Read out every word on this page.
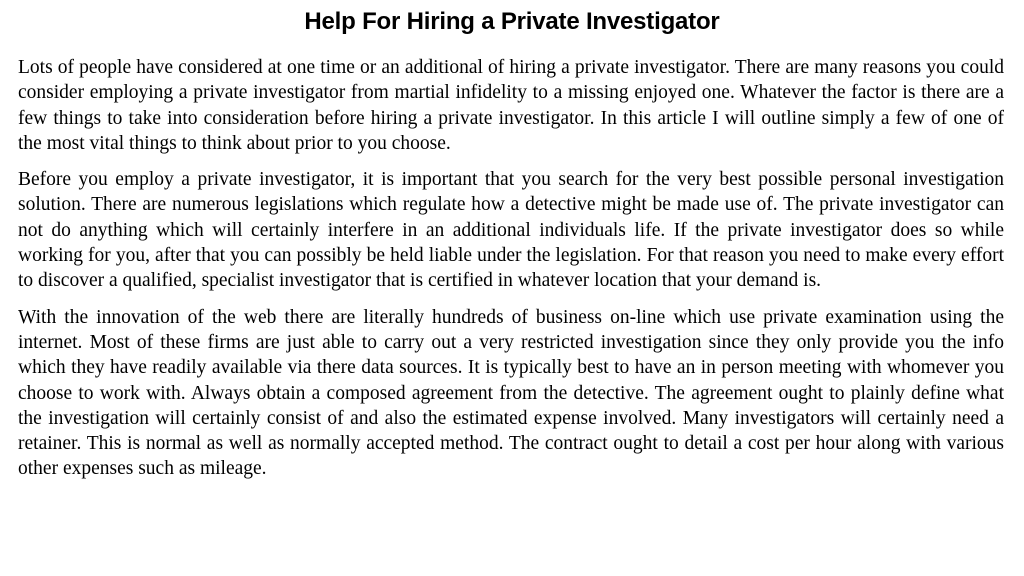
Help For Hiring a Private Investigator

Lots of people have considered at one time or an additional of hiring a private investigator. There are many reasons you could consider employing a private investigator from martial infidelity to a missing enjoyed one. Whatever the factor is there are a few things to take into consideration before hiring a private investigator. In this article I will outline simply a few of one of the most vital things to think about prior to you choose.

Before you employ a private investigator, it is important that you search for the very best possible personal investigation solution. There are numerous legislations which regulate how a detective might be made use of. The private investigator can not do anything which will certainly interfere in an additional individuals life. If the private investigator does so while working for you, after that you can possibly be held liable under the legislation. For that reason you need to make every effort to discover a qualified, specialist investigator that is certified in whatever location that your demand is.

With the innovation of the web there are literally hundreds of business on-line which use private examination using the internet. Most of these firms are just able to carry out a very restricted investigation since they only provide you the info which they have readily available via there data sources. It is typically best to have an in person meeting with whomever you choose to work with. Always obtain a composed agreement from the detective. The agreement ought to plainly define what the investigation will certainly consist of and also the estimated expense involved. Many investigators will certainly need a retainer. This is normal as well as normally accepted method. The contract ought to detail a cost per hour along with various other expenses such as mileage.
